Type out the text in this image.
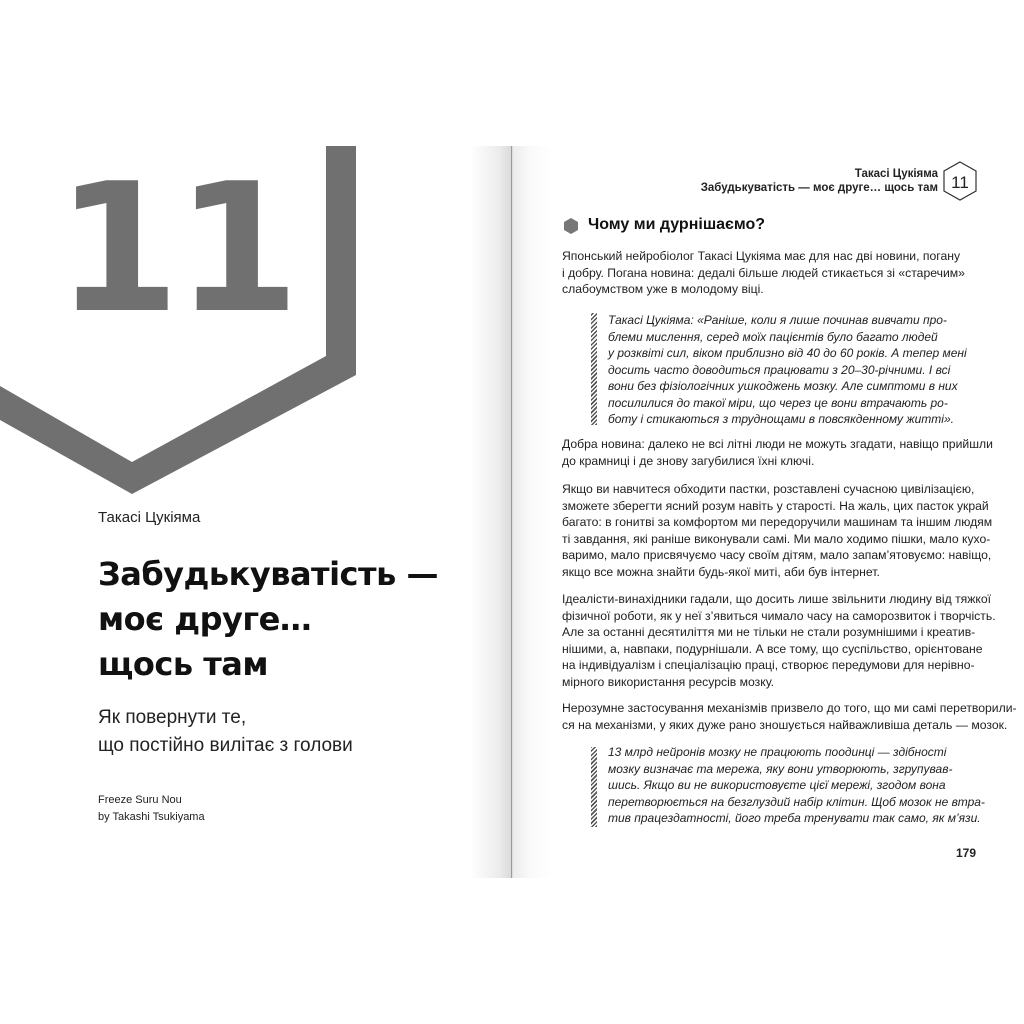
11
Такасі Цукіяма
Забудькуватість —
моє друге…
щось там
Як повернути те,
що постійно вилітає з голови
Freeze Suru Nou
by Takashi Tsukiyama
Такасі Цукіяма
Забудькуватість — моє друге… щось там 11
Чому ми дурнішаємо?

Японський нейробіолог Такасі Цукіяма має для нас дві новини, погану
і добру. Погана новина: дедалі більше людей стикається зі «старечим»
слабоумством уже в молодому віці.

Такасі Цукіяма: «Раніше, коли я лише починав вивчати про-
блеми мислення, серед моїх пацієнтів було багато людей
у розквіті сил, віком приблизно від 40 до 60 років. А тепер мені
досить часто доводиться працювати з 20–30-річними. І всі
вони без фізіологічних ушкоджень мозку. Але симптоми в них
посилилися до такої міри, що через це вони втрачають ро-
боту і стикаються з труднощами в повсякденному житті».

Добра новина: далеко не всі літні люди не можуть згадати, навіщо прийшли
до крамниці і де знову загубилися їхні ключі.

Якщо ви навчитеся обходити пастки, розставлені сучасною цивілізацією,
зможете зберегти ясний розум навіть у старості. На жаль, цих пасток украй
багато: в гонитві за комфортом ми передоручили машинам та іншим людям
ті завдання, які раніше виконували самі. Ми мало ходимо пішки, мало кухо-
варимо, мало присвячуємо часу своїм дітям, мало запам’ятовуємо: навіщо,
якщо все можна знайти будь-якої миті, аби був інтернет.

Ідеалісти-винахідники гадали, що досить лише звільнити людину від тяжкої
фізичної роботи, як у неї з’явиться чимало часу на саморозвиток і творчість.
Але за останні десятиліття ми не тільки не стали розумнішими і креатив-
нішими, а, навпаки, подурнішали. А все тому, що суспільство, орієнтоване
на індивідуалізм і спеціалізацію праці, створює передумови для нерівно-
мірного використання ресурсів мозку.

Нерозумне застосування механізмів призвело до того, що ми самі перетворили-
ся на механізми, у яких дуже рано зношується найважливіша деталь — мозок.

13 млрд нейронів мозку не працюють поодинці — здібності
мозку визначає та мережа, яку вони утворюють, згрупував-
шись. Якщо ви не використовуєте цієї мережі, згодом вона
перетворюється на безглуздий набір клітин. Щоб мозок не втра-
тив працездатності, його треба тренувати так само, як м’язи.

179
